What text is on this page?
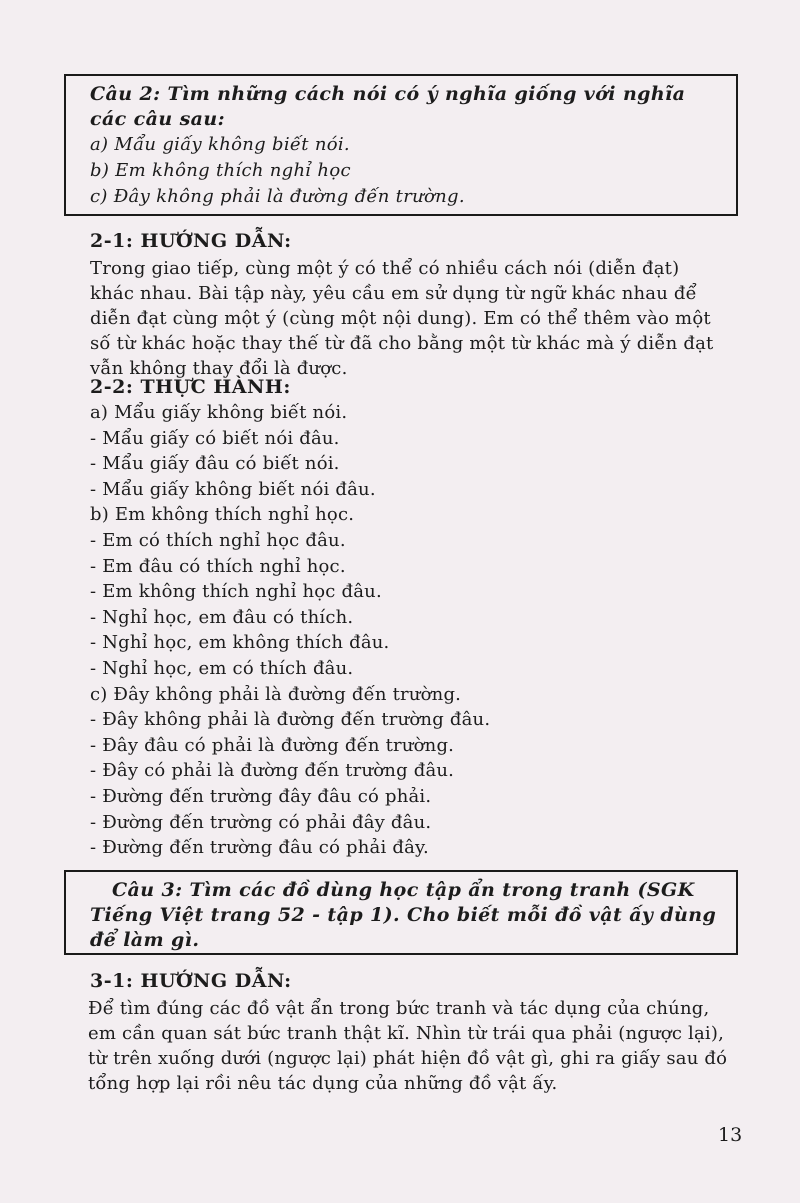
Câu 2: Tìm những cách nói có ý nghĩa giống với nghĩa
các câu sau:
a) Mẩu giấy không biết nói.
b) Em không thích nghỉ học
c) Đây không phải là đường đến trường.
2-1: HƯỚNG DẪN:
Trong giao tiếp, cùng một ý có thể có nhiều cách nói (diễn đạt)
khác nhau. Bài tập này, yêu cầu em sử dụng từ ngữ khác nhau để
diễn đạt cùng một ý (cùng một nội dung). Em có thể thêm vào một
số từ khác hoặc thay thế từ đã cho bằng một từ khác mà ý diễn đạt
vẫn không thay đổi là được.
2-2: THỰC HÀNH:
a) Mẩu giấy không biết nói.
- Mẩu giấy có biết nói đâu.
- Mẩu giấy đâu có biết nói.
- Mẩu giấy không biết nói đâu.
b) Em không thích nghỉ học.
- Em có thích nghỉ học đâu.
- Em đâu có thích nghỉ học.
- Em không thích nghỉ học đâu.
- Nghỉ học, em đâu có thích.
- Nghỉ học, em không thích đâu.
- Nghỉ học, em có thích đâu.
c) Đây không phải là đường đến trường.
- Đây không phải là đường đến trường đâu.
- Đây đâu có phải là đường đến trường.
- Đây có phải là đường đến trường đâu.
- Đường đến trường đây đâu có phải.
- Đường đến trường có phải đây đâu.
- Đường đến trường đâu có phải đây.
Câu 3: Tìm các đồ dùng học tập ẩn trong tranh (SGK
Tiếng Việt trang 52 - tập 1). Cho biết mỗi đồ vật ấy dùng
để làm gì.
3-1: HƯỚNG DẪN:
Để tìm đúng các đồ vật ẩn trong bức tranh và tác dụng của chúng,
em cần quan sát bức tranh thật kĩ. Nhìn từ trái qua phải (ngược lại),
từ trên xuống dưới (ngược lại) phát hiện đồ vật gì, ghi ra giấy sau đó
tổng hợp lại rồi nêu tác dụng của những đồ vật ấy.
13
